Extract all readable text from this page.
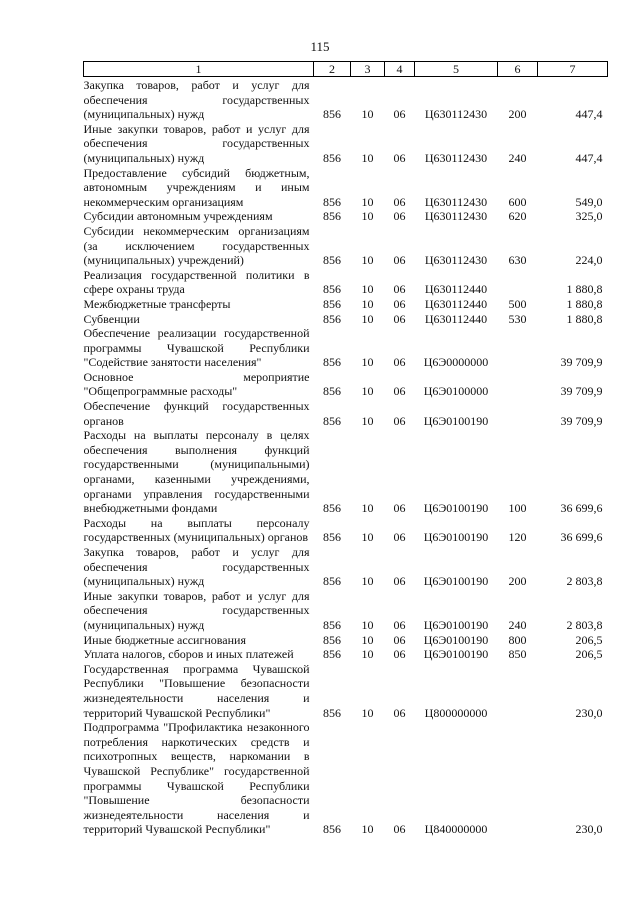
115
1	2	3	4	5	6	7
Закупка товаров, работ и услуг для обеспечения государственных (муниципальных) нужд	856	10	06	Ц630112430	200	447,4
Иные закупки товаров, работ и услуг для обеспечения государственных (муниципальных) нужд	856	10	06	Ц630112430	240	447,4
Предоставление субсидий бюджетным, автономным учреждениям и иным некоммерческим организациям	856	10	06	Ц630112430	600	549,0
Субсидии автономным учреждениям	856	10	06	Ц630112430	620	325,0
Субсидии некоммерческим организациям (за исключением государственных (муниципальных) учреждений)	856	10	06	Ц630112430	630	224,0
Реализация государственной политики в сфере охраны труда	856	10	06	Ц630112440		1 880,8
Межбюджетные трансферты	856	10	06	Ц630112440	500	1 880,8
Субвенции	856	10	06	Ц630112440	530	1 880,8
Обеспечение реализации государственной программы Чувашской Республики "Содействие занятости населения"	856	10	06	Ц6Э0000000		39 709,9
Основное мероприятие "Общепрограммные расходы"	856	10	06	Ц6Э0100000		39 709,9
Обеспечение функций государственных органов	856	10	06	Ц6Э0100190		39 709,9
Расходы на выплаты персоналу в целях обеспечения выполнения функций государственными (муниципальными) органами, казенными учреждениями, органами управления государственными внебюджетными фондами	856	10	06	Ц6Э0100190	100	36 699,6
Расходы на выплаты персоналу государственных (муниципальных) органов	856	10	06	Ц6Э0100190	120	36 699,6
Закупка товаров, работ и услуг для обеспечения государственных (муниципальных) нужд	856	10	06	Ц6Э0100190	200	2 803,8
Иные закупки товаров, работ и услуг для обеспечения государственных (муниципальных) нужд	856	10	06	Ц6Э0100190	240	2 803,8
Иные бюджетные ассигнования	856	10	06	Ц6Э0100190	800	206,5
Уплата налогов, сборов и иных платежей	856	10	06	Ц6Э0100190	850	206,5
Государственная программа Чувашской Республики "Повышение безопасности жизнедеятельности населения и территорий Чувашской Республики"	856	10	06	Ц800000000		230,0
Подпрограмма "Профилактика незаконного потребления наркотических средств и психотропных веществ, наркомании в Чувашской Республике" государственной программы Чувашской Республики "Повышение безопасности жизнедеятельности населения и территорий Чувашской Республики"	856	10	06	Ц840000000		230,0
